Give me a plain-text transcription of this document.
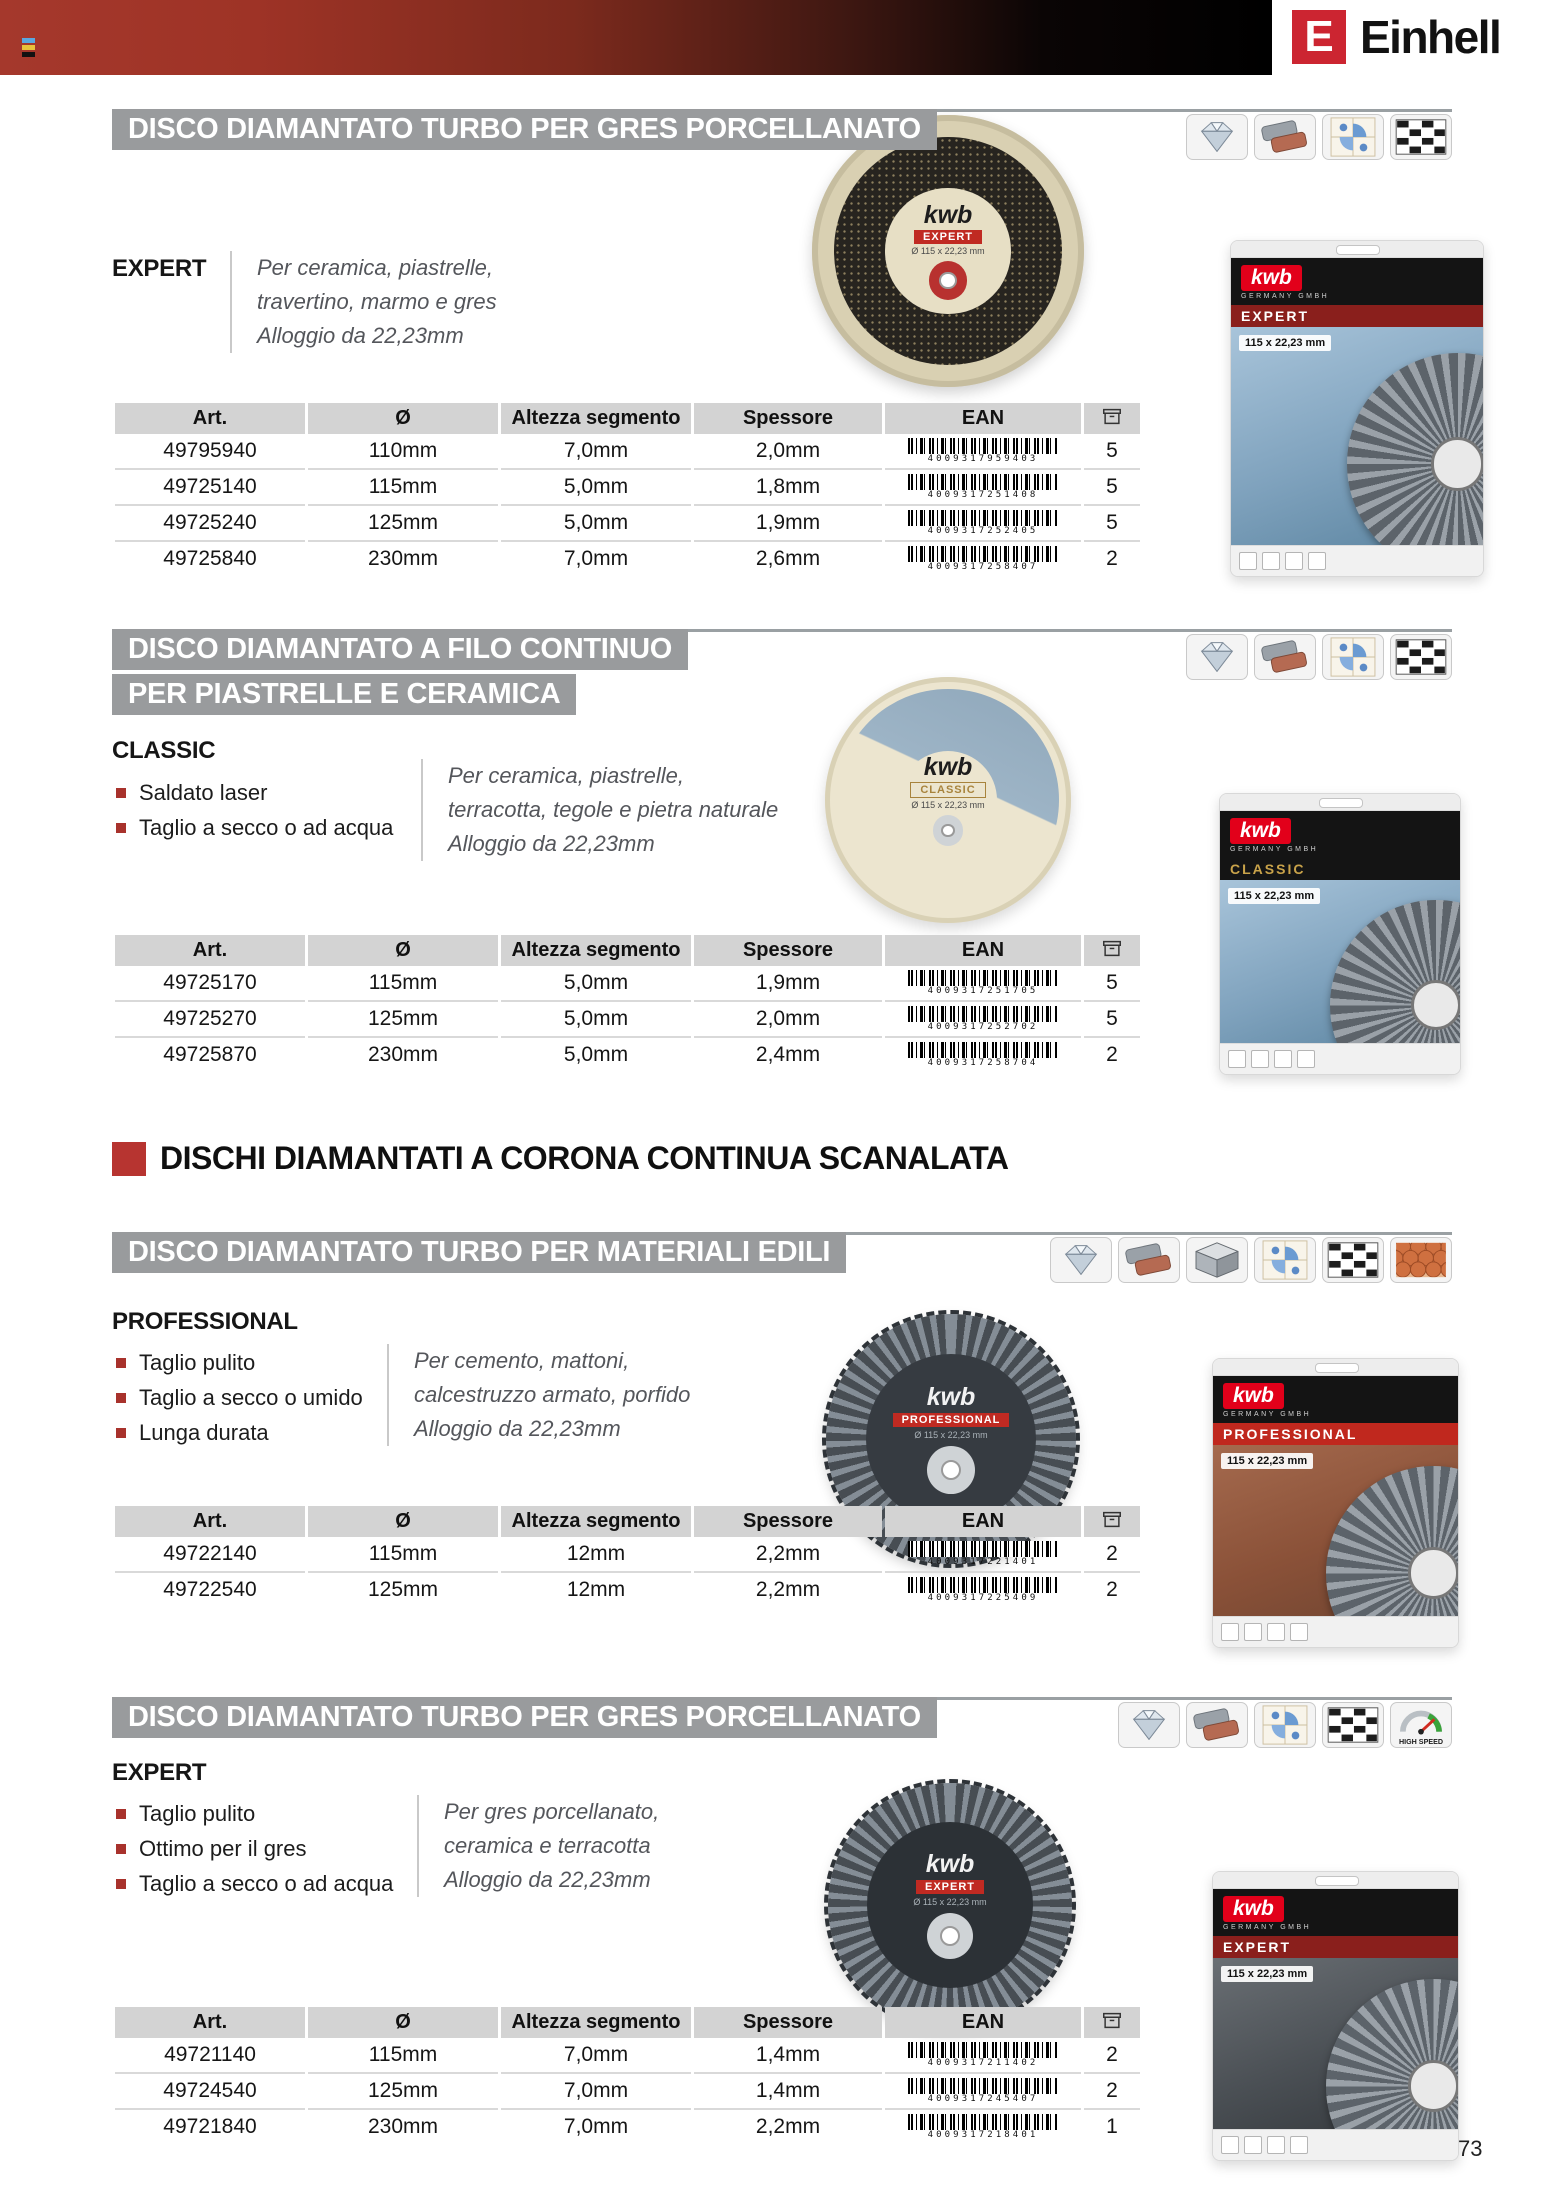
E Einhell
DISCO DIAMANTATO TURBO PER GRES PORCELLANATO
EXPERT Per ceramica, piastrelle,
travertino, marmo e gres
Alloggio da 22,23mm
kwb
EXPERT
Ø 115 x 22,23 mm
kwb
GERMANY GMBH
EXPERT
115 x 22,23 mm
Art.	Ø	Altezza segmento	Spessore	EAN	
49795940	110mm	7,0mm	2,0mm	4009317959403	5
49725140	115mm	5,0mm	1,8mm	4009317251408	5
49725240	125mm	5,0mm	1,9mm	4009317252405	5
49725840	230mm	7,0mm	2,6mm	4009317258407	2
DISCO DIAMANTATO A FILO CONTINUO
PER PIASTRELLE E CERAMICA
CLASSIC
Saldato laser
Taglio a secco o ad acqua
Per ceramica, piastrelle,
terracotta, tegole e pietra naturale
Alloggio da 22,23mm
kwb
CLASSIC
Ø 115 x 22,23 mm
kwb
GERMANY GMBH
CLASSIC
115 x 22,23 mm
Art.	Ø	Altezza segmento	Spessore	EAN	
49725170	115mm	5,0mm	1,9mm	4009317251705	5
49725270	125mm	5,0mm	2,0mm	4009317252702	5
49725870	230mm	5,0mm	2,4mm	4009317258704	2
DISCHI DIAMANTATI A CORONA CONTINUA SCANALATA
DISCO DIAMANTATO TURBO PER MATERIALI EDILI
PROFESSIONAL
Taglio pulito
Taglio a secco o umido
Lunga durata
Per cemento, mattoni,
calcestruzzo armato, porfido
Alloggio da 22,23mm
kwb
PROFESSIONAL
Ø 115 x 22,23 mm
kwb
GERMANY GMBH
PROFESSIONAL
115 x 22,23 mm
Art.	Ø	Altezza segmento	Spessore	EAN	
49722140	115mm	12mm	2,2mm	4009317221401	2
49722540	125mm	12mm	2,2mm	4009317225409	2
DISCO DIAMANTATO TURBO PER GRES PORCELLANATO
HIGH SPEED
EXPERT
Taglio pulito
Ottimo per il gres
Taglio a secco o ad acqua
Per gres porcellanato,
ceramica e terracotta
Alloggio da 22,23mm
kwb
EXPERT
Ø 115 x 22,23 mm	kwb
GERMANY GMBH
EXPERT
115 x 22,23 mm
Art.	Ø	Altezza segmento	Spessore	EAN	
49721140	115mm	7,0mm	1,4mm	4009317211402	2
49724540	125mm	7,0mm	1,4mm	4009317245407	2
49721840	230mm	7,0mm	2,2mm	4009317218401	1
73
